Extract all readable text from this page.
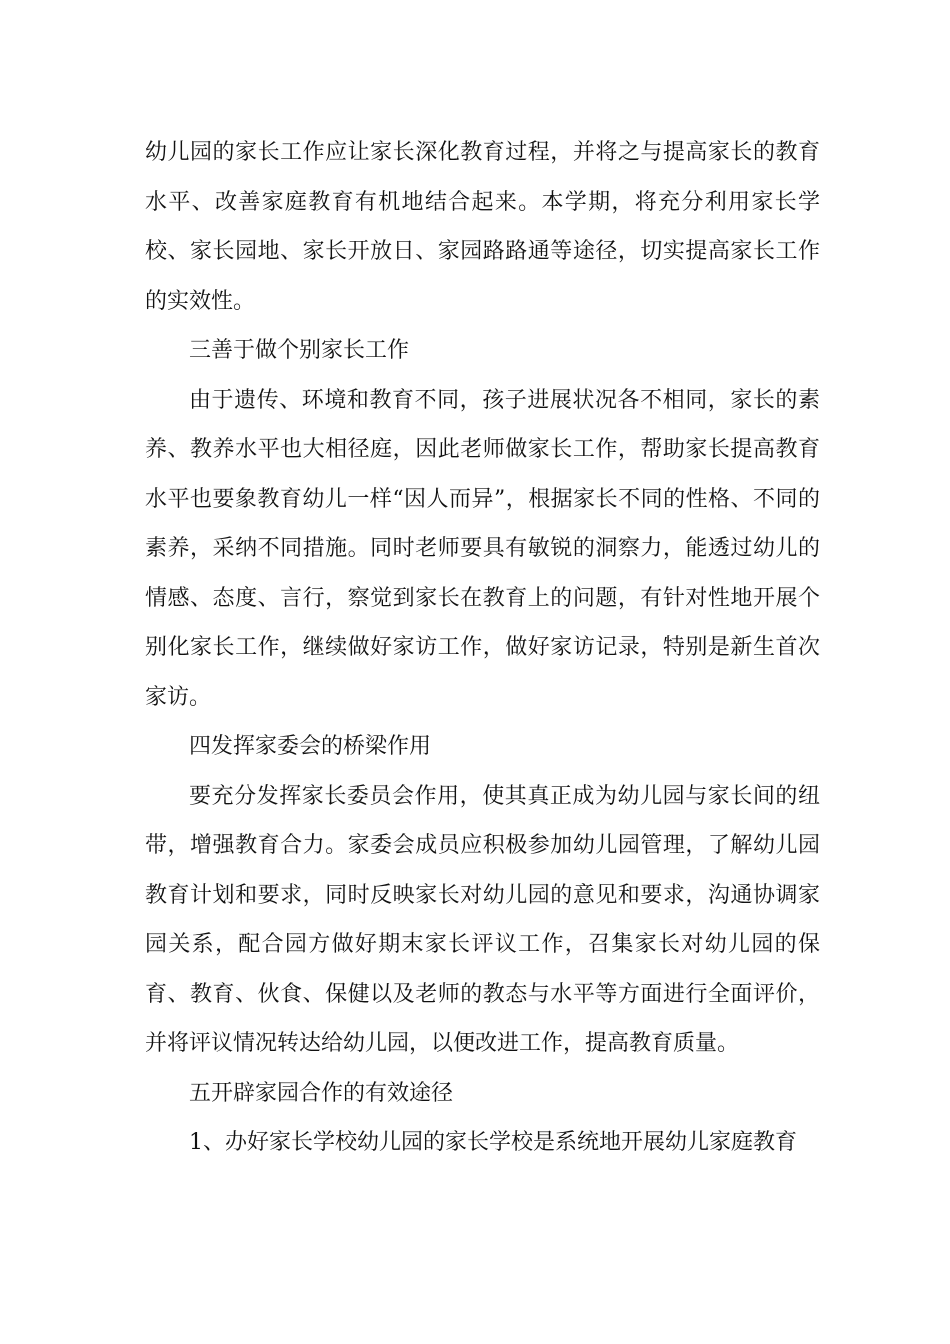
幼儿园的家长工作应让家长深化教育过程，并将之与提高家长的教育水平、改善家庭教育有机地结合起来。本学期，将充分利用家长学校、家长园地、家长开放日、家园路路通等途径，切实提高家长工作的实效性。

三善于做个别家长工作

由于遗传、环境和教育不同，孩子进展状况各不相同，家长的素养、教养水平也大相径庭，因此老师做家长工作，帮助家长提高教育水平也要象教育幼儿一样“因人而异”，根据家长不同的性格、不同的素养，采纳不同措施。同时老师要具有敏锐的洞察力，能透过幼儿的情感、态度、言行，察觉到家长在教育上的问题，有针对性地开展个别化家长工作，继续做好家访工作，做好家访记录，特别是新生首次家访。

四发挥家委会的桥梁作用

要充分发挥家长委员会作用，使其真正成为幼儿园与家长间的纽带，增强教育合力。家委会成员应积极参加幼儿园管理，了解幼儿园教育计划和要求，同时反映家长对幼儿园的意见和要求，沟通协调家园关系，配合园方做好期末家长评议工作，召集家长对幼儿园的保育、教育、伙食、保健以及老师的教态与水平等方面进行全面评价，并将评议情况转达给幼儿园，以便改进工作，提高教育质量。

五开辟家园合作的有效途径

1、办好家长学校幼儿园的家长学校是系统地开展幼儿家庭教育
